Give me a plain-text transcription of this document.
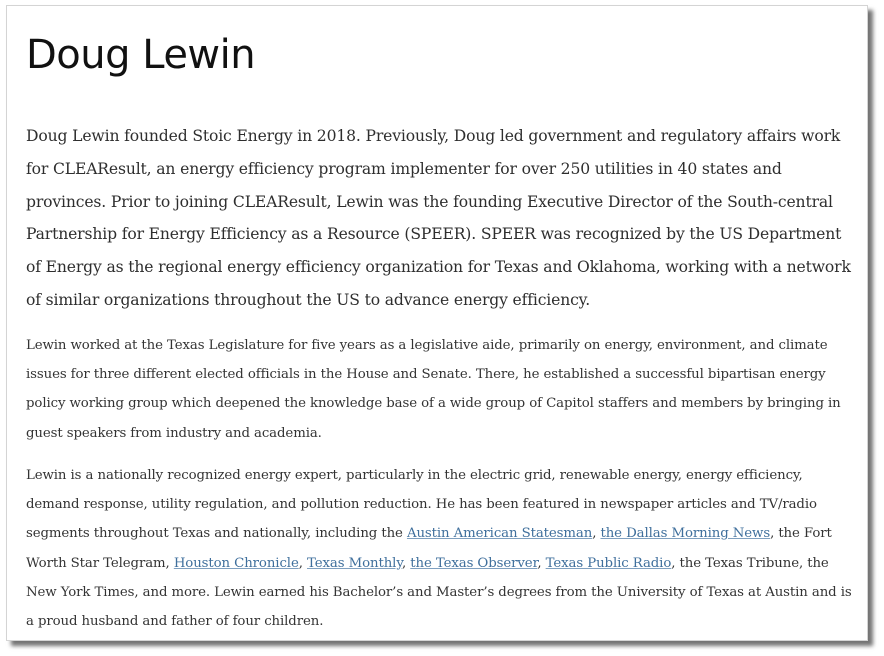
Doug Lewin

Doug Lewin founded Stoic Energy in 2018. Previously, Doug led government and regulatory affairs work for CLEAResult, an energy efficiency program implementer for over 250 utilities in 40 states and provinces. Prior to joining CLEAResult, Lewin was the founding Executive Director of the South-central Partnership for Energy Efficiency as a Resource (SPEER). SPEER was recognized by the US Department of Energy as the regional energy efficiency organization for Texas and Oklahoma, working with a network of similar organizations throughout the US to advance energy efficiency.

Lewin worked at the Texas Legislature for five years as a legislative aide, primarily on energy, environment, and climate issues for three different elected officials in the House and Senate. There, he established a successful bipartisan energy policy working group which deepened the knowledge base of a wide group of Capitol staffers and members by bringing in guest speakers from industry and academia.

Lewin is a nationally recognized energy expert, particularly in the electric grid, renewable energy, energy efficiency, demand response, utility regulation, and pollution reduction. He has been featured in newspaper articles and TV/radio segments throughout Texas and nationally, including the Austin American Statesman, the Dallas Morning News, the Fort Worth Star Telegram, Houston Chronicle, Texas Monthly, the Texas Observer, Texas Public Radio, the Texas Tribune, the New York Times, and more. Lewin earned his Bachelor’s and Master’s degrees from the University of Texas at Austin and is a proud husband and father of four children.
